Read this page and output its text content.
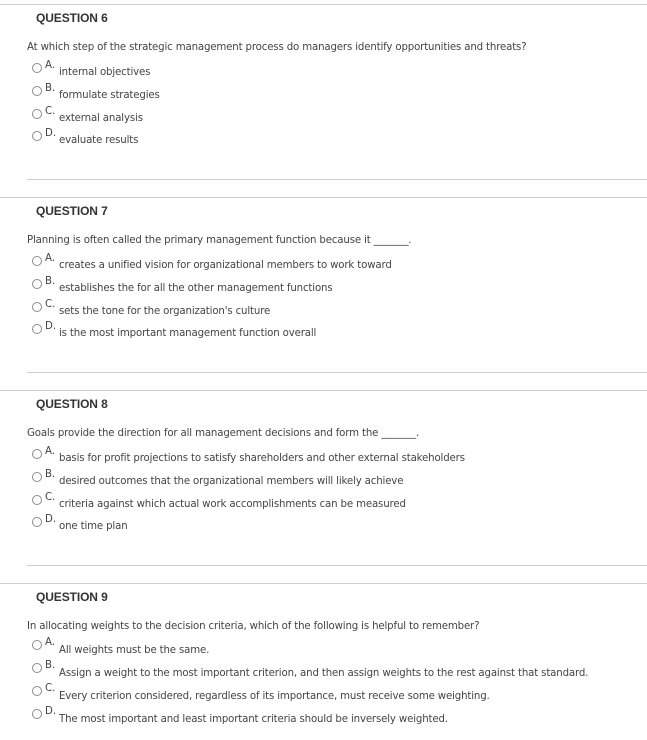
QUESTION 6
At which step of the strategic management process do managers identify opportunities and threats?
A.
internal objectives
B.
formulate strategies
C.
external analysis
D.
evaluate results
QUESTION 7
Planning is often called the primary management function because it _______.
A.
creates a unified vision for organizational members to work toward
B.
establishes the for all the other management functions
C.
sets the tone for the organization's culture
D.
is the most important management function overall
QUESTION 8
Goals provide the direction for all management decisions and form the _______.
A.
basis for profit projections to satisfy shareholders and other external stakeholders
B.
desired outcomes that the organizational members will likely achieve
C.
criteria against which actual work accomplishments can be measured
D.
one time plan
QUESTION 9
In allocating weights to the decision criteria, which of the following is helpful to remember?
A.
All weights must be the same.
B.
Assign a weight to the most important criterion, and then assign weights to the rest against that standard.
C.
Every criterion considered, regardless of its importance, must receive some weighting.
D.
The most important and least important criteria should be inversely weighted.
